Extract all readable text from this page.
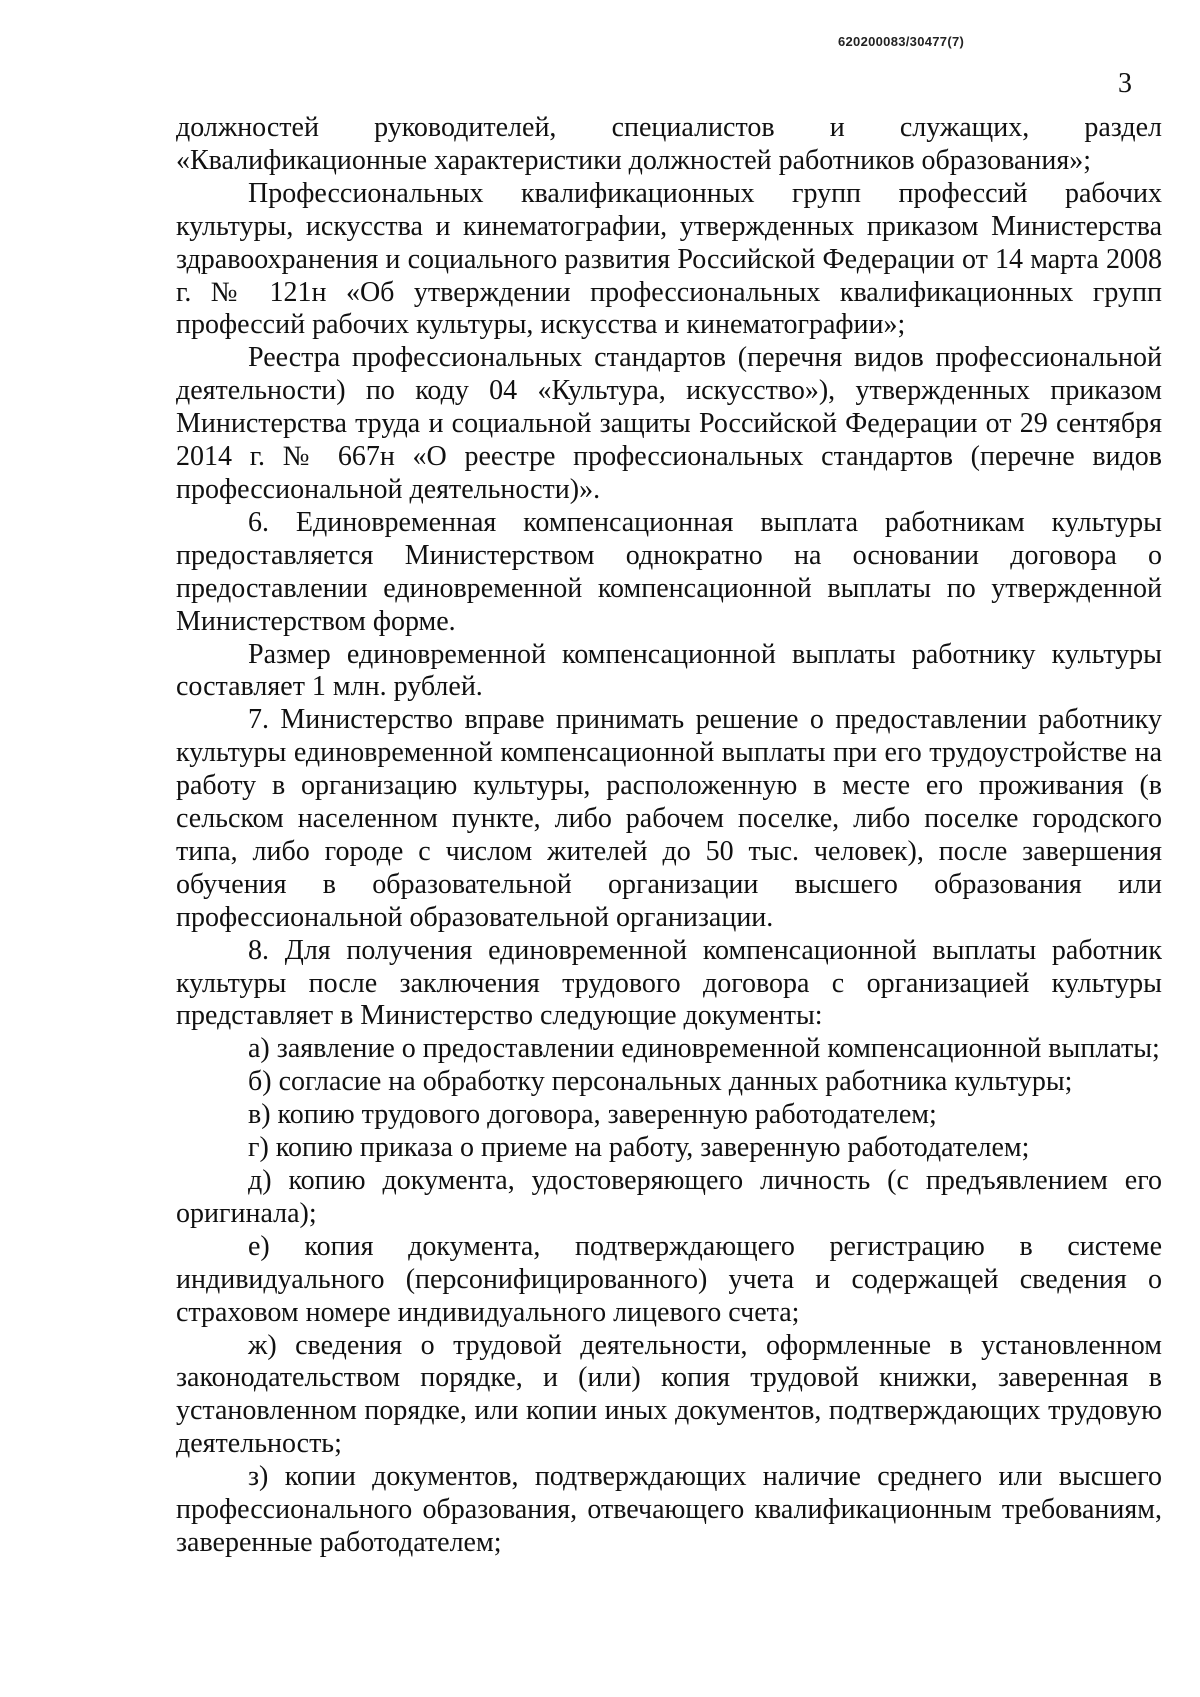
620200083/30477(7)
3

должностей руководителей, специалистов и служащих, раздел «Квалификационные характеристики должностей работников образования»;

Профессиональных квалификационных групп профессий рабочих культуры, искусства и кинематографии, утвержденных приказом Министерства здравоохранения и социального развития Российской Федерации от 14 марта 2008 г. № 121н «Об утверждении профессиональных квалификационных групп профессий рабочих культуры, искусства и кинематографии»;

Реестра профессиональных стандартов (перечня видов профессиональной деятельности) по коду 04 «Культура, искусство»), утвержденных приказом Министерства труда и социальной защиты Российской Федерации от 29 сентября 2014 г. № 667н «О реестре профессиональных стандартов (перечне видов профессиональной деятельности)».

6. Единовременная компенсационная выплата работникам культуры предоставляется Министерством однократно на основании договора о предоставлении единовременной компенсационной выплаты по утвержденной Министерством форме.

Размер единовременной компенсационной выплаты работнику культуры составляет 1 млн. рублей.

7. Министерство вправе принимать решение о предоставлении работнику культуры единовременной компенсационной выплаты при его трудоустройстве на работу в организацию культуры, расположенную в месте его проживания (в сельском населенном пункте, либо рабочем поселке, либо поселке городского типа, либо городе с числом жителей до 50 тыс. человек), после завершения обучения в образовательной организации высшего образования или профессиональной образовательной организации.

8. Для получения единовременной компенсационной выплаты работник культуры после заключения трудового договора с организацией культуры представляет в Министерство следующие документы:

а) заявление о предоставлении единовременной компенсационной выплаты;

б) согласие на обработку персональных данных работника культуры;

в) копию трудового договора, заверенную работодателем;

г) копию приказа о приеме на работу, заверенную работодателем;

д) копию документа, удостоверяющего личность (с предъявлением его оригинала);

е) копия документа, подтверждающего регистрацию в системе индивидуального (персонифицированного) учета и содержащей сведения о страховом номере индивидуального лицевого счета;

ж) сведения о трудовой деятельности, оформленные в установленном законодательством порядке, и (или) копия трудовой книжки, заверенная в установленном порядке, или копии иных документов, подтверждающих трудовую деятельность;

з) копии документов, подтверждающих наличие среднего или высшего профессионального образования, отвечающего квалификационным требованиям, заверенные работодателем;
